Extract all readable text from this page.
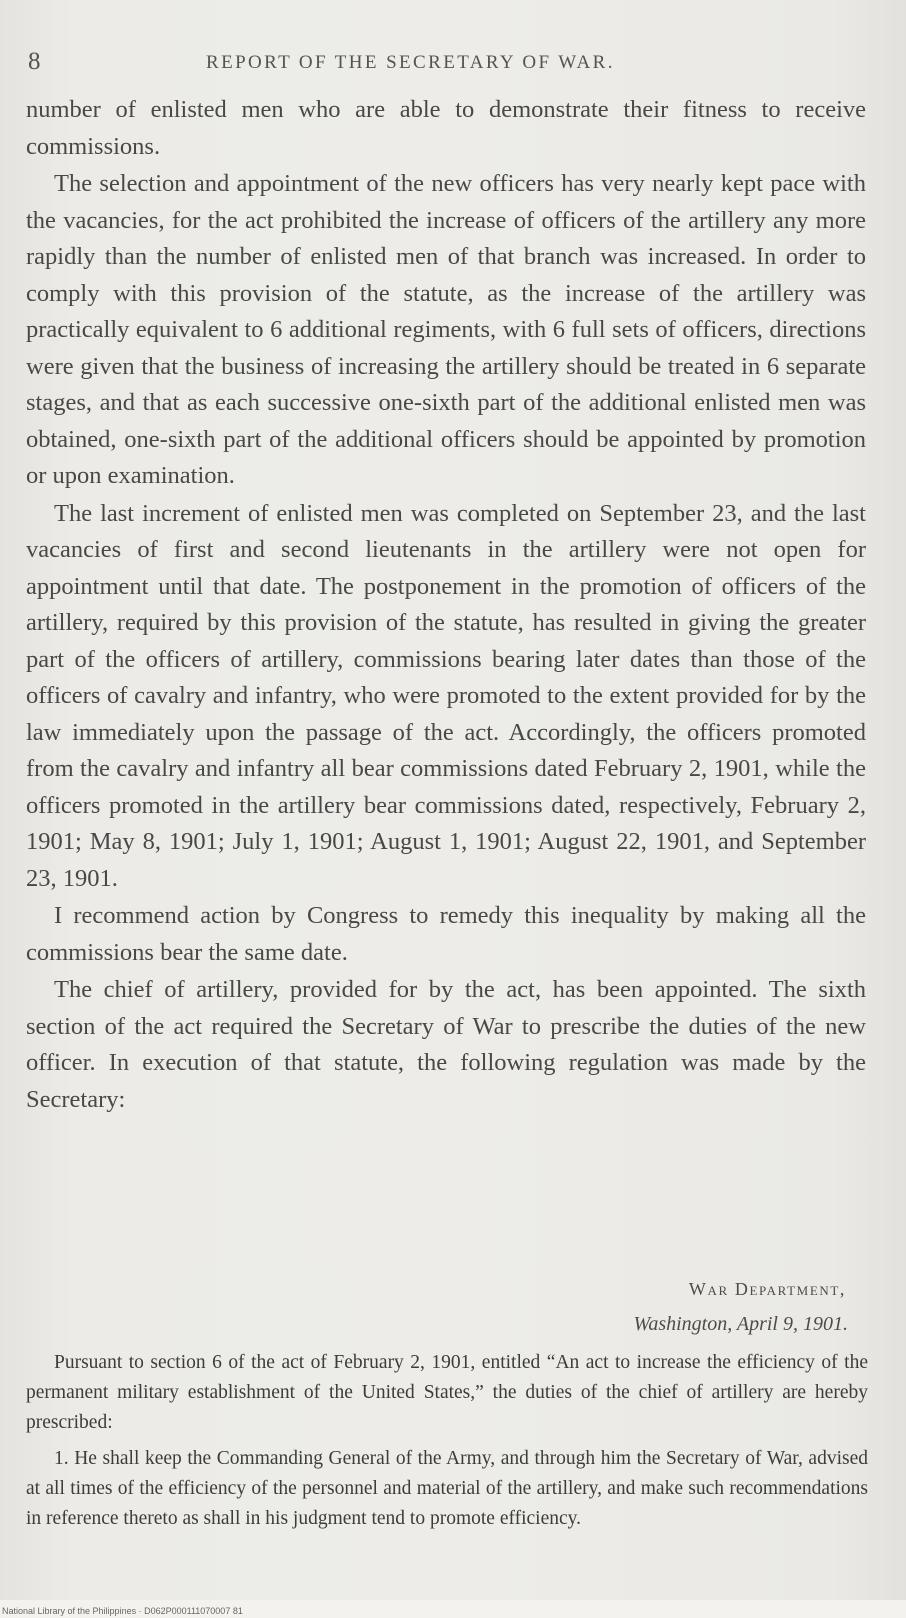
8	REPORT OF THE SECRETARY OF WAR.

number of enlisted men who are able to demonstrate their fitness to receive commissions.

The selection and appointment of the new officers has very nearly kept pace with the vacancies, for the act prohibited the increase of officers of the artillery any more rapidly than the number of enlisted men of that branch was increased. In order to comply with this provision of the statute, as the increase of the artillery was practically equivalent to 6 additional regiments, with 6 full sets of officers, directions were given that the business of increasing the artillery should be treated in 6 separate stages, and that as each successive one-sixth part of the additional enlisted men was obtained, one-sixth part of the additional officers should be appointed by promotion or upon examination.

The last increment of enlisted men was completed on September 23, and the last vacancies of first and second lieutenants in the artillery were not open for appointment until that date. The postponement in the promotion of officers of the artillery, required by this provision of the statute, has resulted in giving the greater part of the officers of artillery, commissions bearing later dates than those of the officers of cavalry and infantry, who were promoted to the extent provided for by the law immediately upon the passage of the act. Accordingly, the officers promoted from the cavalry and infantry all bear commissions dated February 2, 1901, while the officers promoted in the artillery bear commissions dated, respectively, February 2, 1901; May 8, 1901; July 1, 1901; August 1, 1901; August 22, 1901, and September 23, 1901.

I recommend action by Congress to remedy this inequality by making all the commissions bear the same date.

The chief of artillery, provided for by the act, has been appointed. The sixth section of the act required the Secretary of War to prescribe the duties of the new officer. In execution of that statute, the following regulation was made by the Secretary:

War Department,
Washington, April 9, 1901.

Pursuant to section 6 of the act of February 2, 1901, entitled “An act to increase the efficiency of the permanent military establishment of the United States,” the duties of the chief of artillery are hereby prescribed:

1. He shall keep the Commanding General of the Army, and through him the Secretary of War, advised at all times of the efficiency of the personnel and material of the artillery, and make such recommendations in reference thereto as shall in his judgment tend to promote efficiency.

National Library of the Philippines · D062P000111070007 81
